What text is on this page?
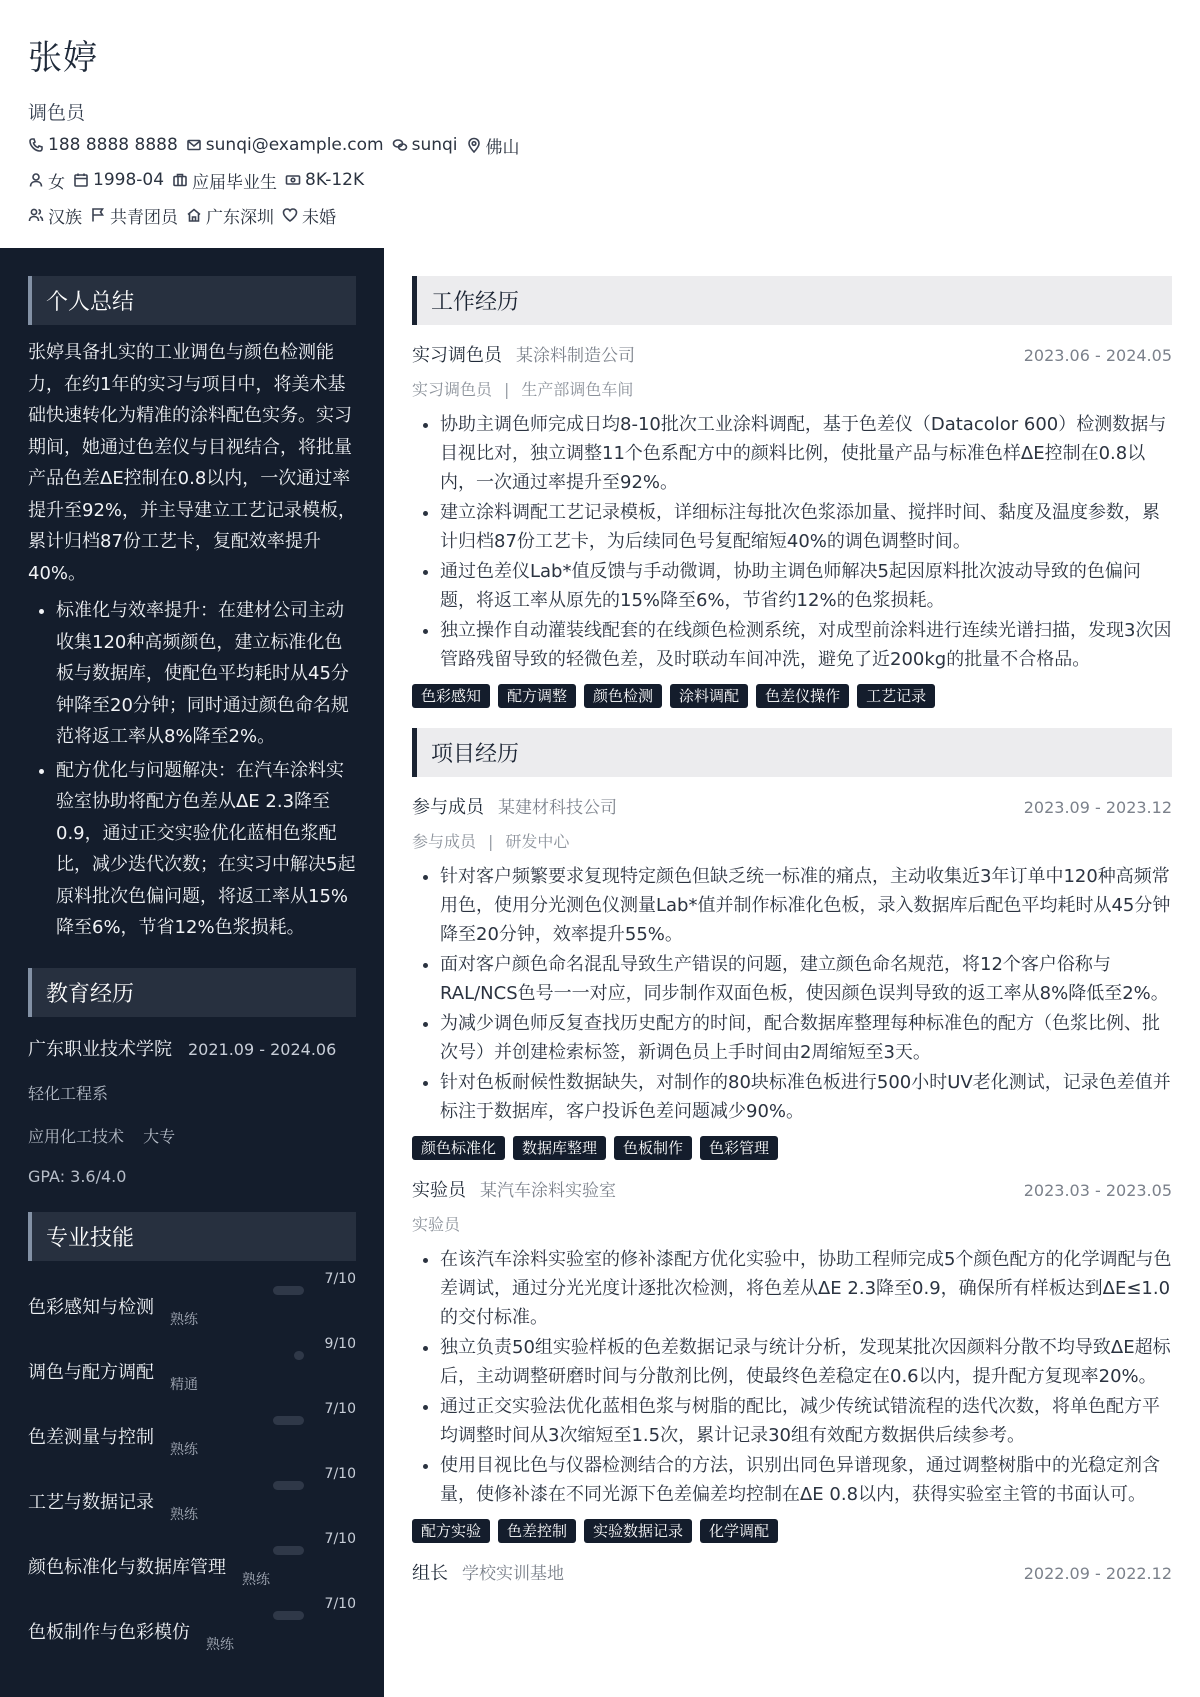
张婷
调色员
188 8888 8888 sunqi@example.com sunqi 佛山
女 1998-04 应届毕业生 8K-12K
汉族 共青团员 广东深圳 未婚
个人总结
张婷具备扎实的工业调色与颜色检测能力，在约1年的实习与项目中，将美术基础快速转化为精准的涂料配色实务。实习期间，她通过色差仪与目视结合，将批量产品色差ΔE控制在0.8以内，一次通过率提升至92%，并主导建立工艺记录模板，累计归档87份工艺卡，复配效率提升40%。
• 标准化与效率提升：在建材公司主动收集120种高频颜色，建立标准化色板与数据库，使配色平均耗时从45分钟降至20分钟；同时通过颜色命名规范将返工率从8%降至2%。
• 配方优化与问题解决：在汽车涂料实验室协助将配方色差从ΔE 2.3降至0.9，通过正交实验优化蓝相色浆配比，减少迭代次数；在实习中解决5起原料批次色偏问题，将返工率从15%降至6%，节省12%色浆损耗。
教育经历
广东职业技术学院 2021.09 - 2024.06
轻化工程系
应用化工技术 大专
GPA: 3.6/4.0
专业技能
色彩感知与检测
熟练
7/10
调色与配方调配
精通
9/10
色差测量与控制
熟练
7/10
工艺与数据记录
熟练
7/10
颜色标准化与数据库管理
熟练
7/10
色板制作与色彩模仿
熟练
7/10
工作经历
实习调色员 某涂料制造公司	2023.06 - 2024.05
实习调色员 | 生产部调色车间
• 协助主调色师完成日均8-10批次工业涂料调配，基于色差仪（Datacolor 600）检测数据与目视比对，独立调整11个色系配方中的颜料比例，使批量产品与标准色样ΔE控制在0.8以内，一次通过率提升至92%。
• 建立涂料调配工艺记录模板，详细标注每批次色浆添加量、搅拌时间、黏度及温度参数，累计归档87份工艺卡，为后续同色号复配缩短40%的调色调整时间。
• 通过色差仪Lab*值反馈与手动微调，协助主调色师解决5起因原料批次波动导致的色偏问题，将返工率从原先的15%降至6%，节省约12%的色浆损耗。
• 独立操作自动灌装线配套的在线颜色检测系统，对成型前涂料进行连续光谱扫描，发现3次因管路残留导致的轻微色差，及时联动车间冲洗，避免了近200kg的批量不合格品。
色彩感知	配方调整	颜色检测	涂料调配	色差仪操作	工艺记录
项目经历
参与成员 某建材科技公司	2023.09 - 2023.12
参与成员 | 研发中心
• 针对客户频繁要求复现特定颜色但缺乏统一标准的痛点，主动收集近3年订单中120种高频常用色，使用分光测色仪测量Lab*值并制作标准化色板，录入数据库后配色平均耗时从45分钟降至20分钟，效率提升55%。
• 面对客户颜色命名混乱导致生产错误的问题，建立颜色命名规范，将12个客户俗称与RAL/NCS色号一一对应，同步制作双面色板，使因颜色误判导致的返工率从8%降低至2%。
• 为减少调色师反复查找历史配方的时间，配合数据库整理每种标准色的配方（色浆比例、批次号）并创建检索标签，新调色员上手时间由2周缩短至3天。
• 针对色板耐候性数据缺失，对制作的80块标准色板进行500小时UV老化测试，记录色差值并标注于数据库，客户投诉色差问题减少90%。
颜色标准化	数据库整理	色板制作	色彩管理
实验员 某汽车涂料实验室	2023.03 - 2023.05
实验员
• 在该汽车涂料实验室的修补漆配方优化实验中，协助工程师完成5个颜色配方的化学调配与色差调试，通过分光光度计逐批次检测，将色差从ΔE 2.3降至0.9，确保所有样板达到ΔE≤1.0的交付标准。
• 独立负责50组实验样板的色差数据记录与统计分析，发现某批次因颜料分散不均导致ΔE超标后，主动调整研磨时间与分散剂比例，使最终色差稳定在0.6以内，提升配方复现率20%。
• 通过正交实验法优化蓝相色浆与树脂的配比，减少传统试错流程的迭代次数，将单色配方平均调整时间从3次缩短至1.5次，累计记录30组有效配方数据供后续参考。
• 使用目视比色与仪器检测结合的方法，识别出同色异谱现象，通过调整树脂中的光稳定剂含量，使修补漆在不同光源下色差偏差均控制在ΔE 0.8以内，获得实验室主管的书面认可。
配方实验	色差控制	实验数据记录	化学调配
组长 学校实训基地	2022.09 - 2022.12
